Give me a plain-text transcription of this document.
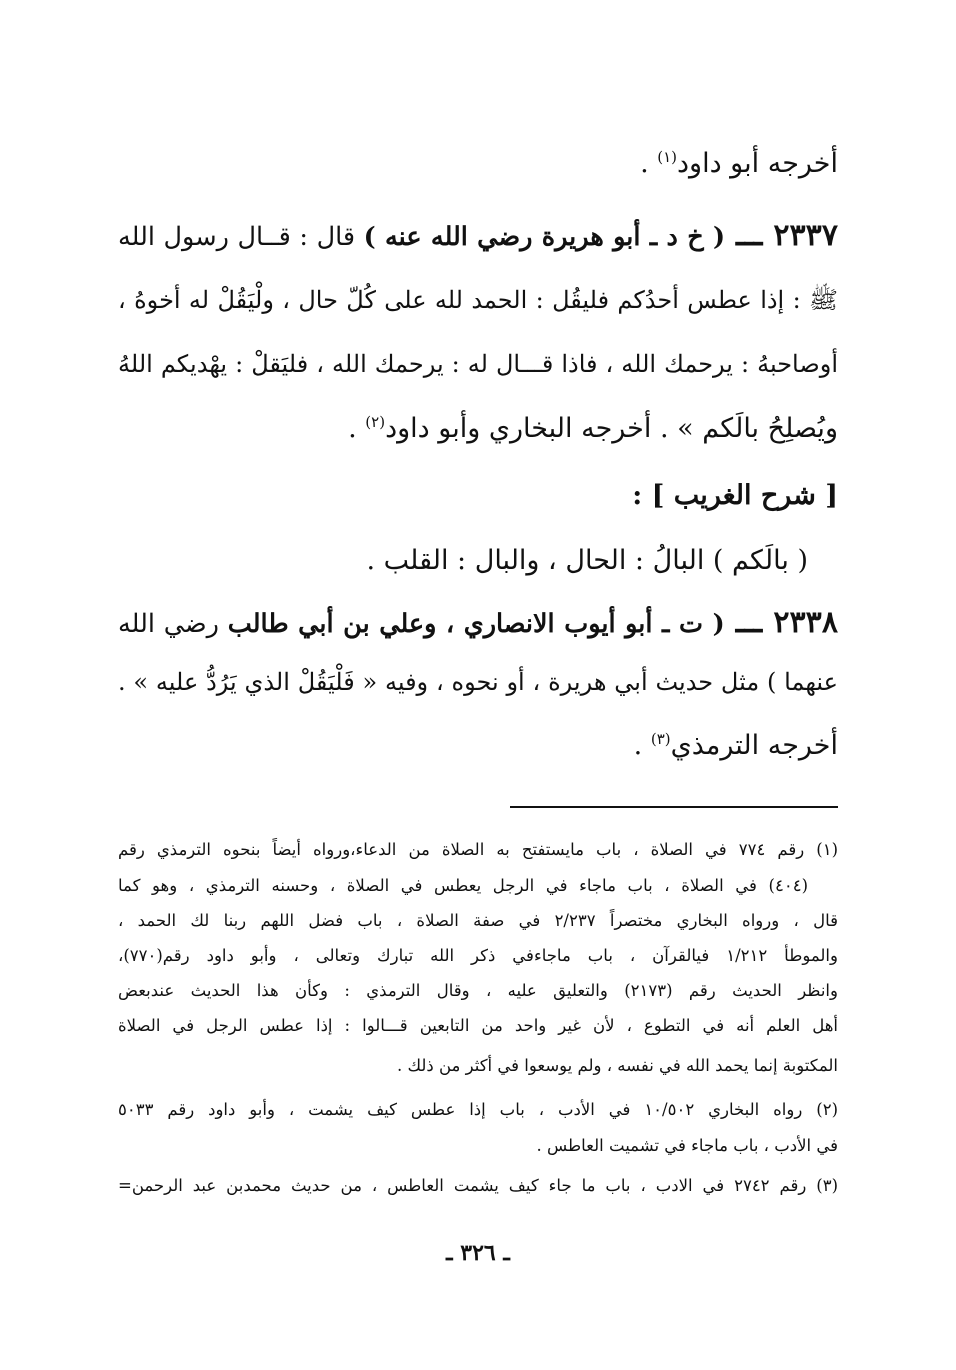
أخرجه أبو داود$^{(١)}$ .
٢٣٣٧ ـــ ( خ د ـ أبو هريرة رضي الله عنه ) قال : قــال رسول الله
ﷺ : إذا عطس أحدُكم فليقُل : الحمد لله على كُلّ حال ، ولْيَقُلْ له أخوهُ ،
أوصاحبهُ : يرحمك الله ، فاذا قـــال له : يرحمك الله ، فليَقلْ : يهْديكم اللهُ
ويُصلِحُ بالَكم » . أخرجه البخاري وأبو داود$^{(٢)}$ .
[ شرح الغريب ] :
( بالَكم ) البالُ : الحال ، والبال : القلب .
٢٣٣٨ ـــ ( ت ـ أبو أيوب الانصاري ، وعلي بن أبي طالب رضي الله
عنهما ) مثل حديث أبي هريرة ، أو نحوه ، وفيه « فَلْيَقُلْ الذي يَرُدُّ عليه » .
أخرجه الترمذي$^{(٣)}$ .
(١) رقم ٧٧٤ في الصلاة ، باب مايستفتح به الصلاة من الدعاء،ورواه أيضاً بنحوه الترمذي رقم
(٤٠٤) في الصلاة ، باب ماجاء في الرجل يعطس في الصلاة ، وحسنه الترمذي ، وهو كما
قال ، ورواه البخاري مختصراً ٢/٢٣٧ في صفة الصلاة ، باب فضل اللهم ربنا لك الحمد ،
والموطأ ١/٢١٢ فيالقرآن ، باب ماجاءفي ذكر الله تبارك وتعالى ، وأبو داود رقم(٧٧٠)،
وانظر الحديث رقم (٢١٧٣) والتعليق عليه ، وقال الترمذي : وكأن هذا الحديث عندبعض
أهل العلم أنه في التطوع ، لأن غير واحد من التابعين قـــالوا : إذا عطس الرجل في الصلاة
المكتوبة إنما يحمد الله في نفسه ، ولم يوسعوا في أكثر من ذلك .
(٢) رواه البخاري ١٠/٥٠٢ في الأدب ، باب إذا عطس كيف يشمت ، وأبو داود رقم ٥٠٣٣
في الأدب ، باب ماجاء في تشميت العاطس .
(٣) رقم ٢٧٤٢ في الادب ، باب ما جاء كيف يشمت العاطس ، من حديث محمدبن عبد الرحمن=
ـ ٣٢٦ ـ
